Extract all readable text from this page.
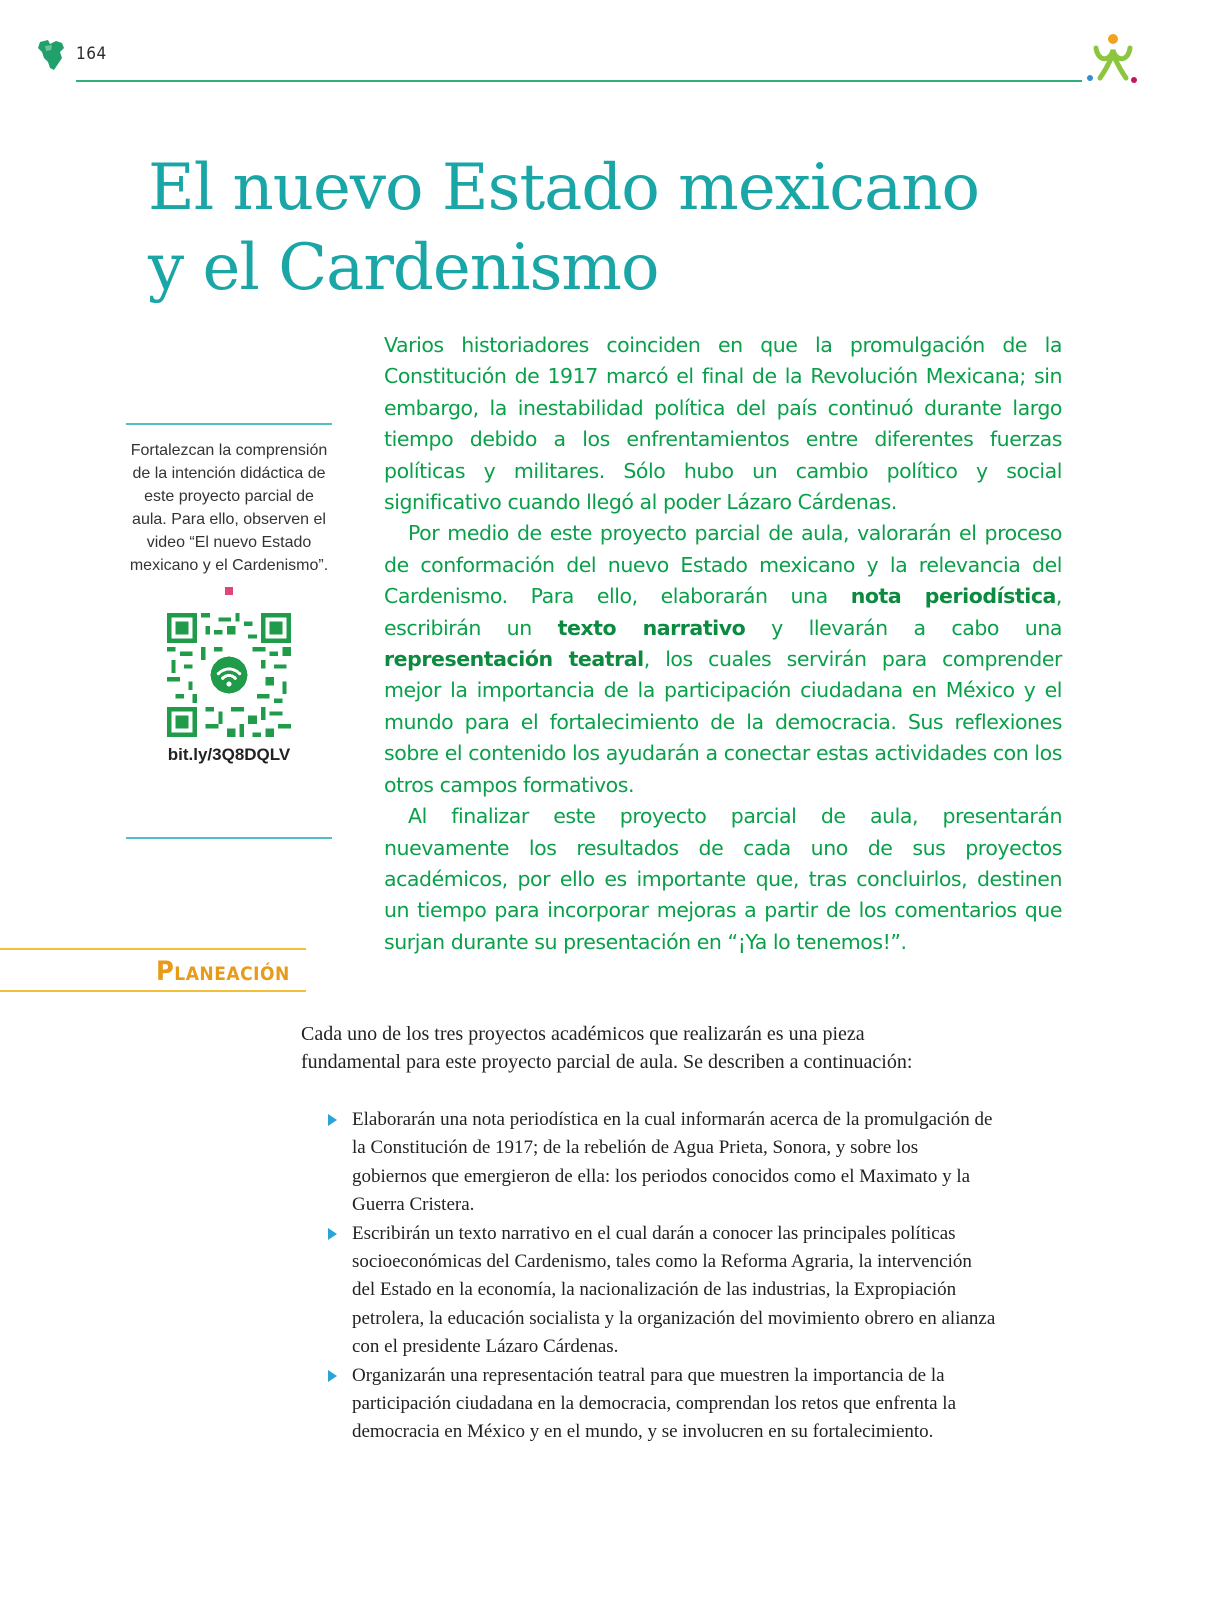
164
El nuevo Estado mexicano
y el Cardenismo

Fortalezcan la comprensión de la intención didáctica de este proyecto parcial de aula. Para ello, observen el video “El nuevo Estado mexicano y el Cardenismo”.

bit.ly/3Q8DQLV

Varios historiadores coinciden en que la promulgación de la Constitución de 1917 marcó el final de la Revolución Mexicana; sin embargo, la inestabilidad política del país continuó durante largo tiempo debido a los enfrentamientos entre diferentes fuerzas políticas y militares. Sólo hubo un cambio político y social significativo cuando llegó al poder Lázaro Cárdenas.

Por medio de este proyecto parcial de aula, valorarán el proceso de conformación del nuevo Estado mexicano y la relevancia del Cardenismo. Para ello, elaborarán una nota periodística, escribirán un texto narrativo y llevarán a cabo una representación teatral, los cuales servirán para comprender mejor la importancia de la participación ciudadana en México y el mundo para el fortalecimiento de la democracia. Sus reflexiones sobre el contenido los ayudarán a conectar estas actividades con los otros campos formativos.

Al finalizar este proyecto parcial de aula, presentarán nuevamente los resultados de cada uno de sus proyectos académicos, por ello es importante que, tras concluirlos, destinen un tiempo para incorporar mejoras a partir de los comentarios que surjan durante su presentación en “¡Ya lo tenemos!”.

Planeación

Cada uno de los tres proyectos académicos que realizarán es una pieza fundamental para este proyecto parcial de aula. Se describen a continuación:

Elaborarán una nota periodística en la cual informarán acerca de la promulgación de la Constitución de 1917; de la rebelión de Agua Prieta, Sonora, y sobre los gobiernos que emergieron de ella: los periodos conocidos como el Maximato y la Guerra Cristera.
Escribirán un texto narrativo en el cual darán a conocer las principales políticas socioeconómicas del Cardenismo, tales como la Reforma Agraria, la intervención del Estado en la economía, la nacionalización de las industrias, la Expropiación petrolera, la educación socialista y la organización del movimiento obrero en alianza con el presidente Lázaro Cárdenas.
Organizarán una representación teatral para que muestren la importancia de la participación ciudadana en la democracia, comprendan los retos que enfrenta la democracia en México y en el mundo, y se involucren en su fortalecimiento.
